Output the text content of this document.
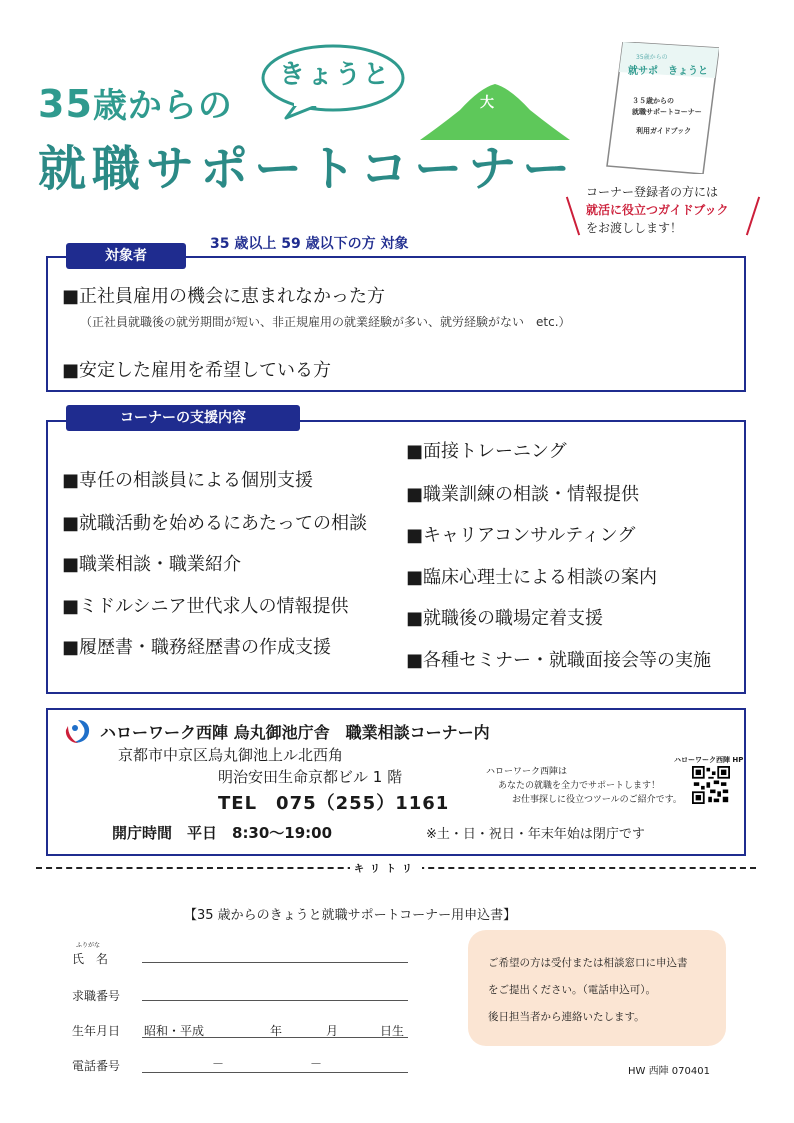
35歳からの
きょうと
大
就職サポートコーナー
35歳からの
就サポ　きょうと
３５歳からの
就職サポートコーナー
利用ガイドブック
コーナー登録者の方には
就活に役立つガイドブック
をお渡しします！
対象者
35 歳以上 59 歳以下の方 対象
■正社員雇用の機会に恵まれなかった方
（正社員就職後の就労期間が短い、非正規雇用の就業経験が多い、就労経験がない　etc.）
■安定した雇用を希望している方
コーナーの支援内容
■専任の相談員による個別支援
■就職活動を始めるにあたっての相談
■職業相談・職業紹介
■ミドルシニア世代求人の情報提供
■履歴書・職務経歴書の作成支援
■面接トレーニング
■職業訓練の相談・情報提供
■キャリアコンサルティング
■臨床心理士による相談の案内
■就職後の職場定着支援
■各種セミナー・就職面接会等の実施
ハローワーク西陣 烏丸御池庁舎　職業相談コーナー内
京都市中京区烏丸御池上ル北西角
明治安田生命京都ビル 1 階
TEL　075（255）1161
開庁時間　平日　8:30～19:00	※土・日・祝日・年末年始は閉庁です
ハローワーク西陣は
あなたの就職を全力でサポートします！
お仕事探しに役立つツールのご紹介です。
ハローワーク西陣 HP
キリトリ
【35 歳からのきょうと就職サポートコーナー用申込書】
ふりがな
氏　名
求職番号
生年月日 昭和・平成	年	月	日生
電話番号	－	－
ご希望の方は受付または相談窓口に申込書
をご提出ください。（電話申込可）。
後日担当者から連絡いたします。
HW 西陣 070401
